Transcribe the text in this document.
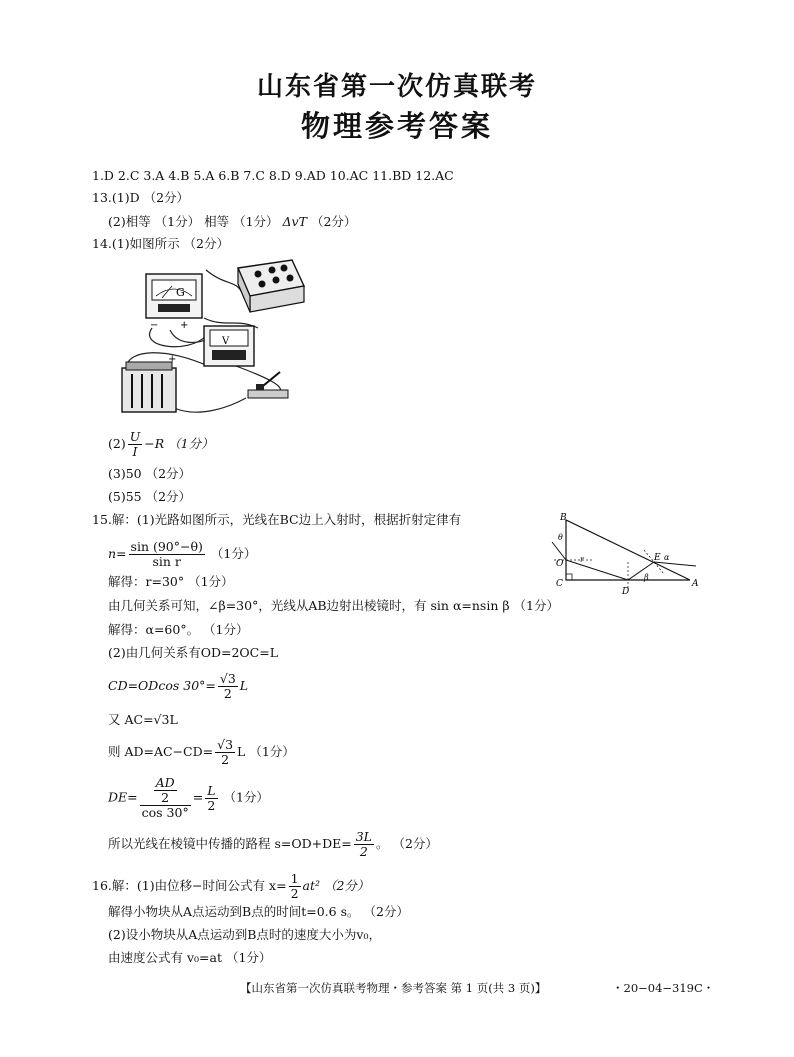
山东省第一次仿真联考
物理参考答案
1.D 2.C 3.A 4.B 5.A 6.B 7.C 8.D 9.AD 10.AC 11.BD 12.AC
13.(1)D （2分）
(2)相等 （1分） 相等 （1分） ΔvT （2分）
14.(1)如图所示 （2分）
G
− +
V
+
$(2) \frac{U}{I} -R$ （1分）
(3)50 （2分）
(5)55 （2分）
15.解：(1)光路如图所示，光线在BC边上入射时，根据折射定律有	B
C	A
O
D
E
θ
r	α
β
$n= \frac{\sin (90^\circ-\theta)}{\text{sin r}} (1$分）
解得：r=30° （1分）
由几何关系可知，∠β=30°，光线从AB边射出棱镜时，有 sin α=nsin β （1分）
解得：α=60°。 （1分）
(2)由几何关系有OD=2OC=L
CD=ODcos $30^\circ= \frac{√3}{2}$ L
又 AC=√3L
则 $AD=AC-CD= \frac{√3}{2}$ L （1分）
$DE= \frac{\frac{AD}{2}}{\cos 30^\circ} = \frac{L}{2} (1$分）
所以光线在棱镜中传播的路程 $s=OD+DE= \frac{3L}{2}$ 。 （2分）
16.解：(1)由位移−时间公式有 $x= \frac{1}{2} at^2$ （2分）
解得小物块从A点运动到B点的时间t=0.6 s。 （2分）
(2)设小物块从A点运动到B点时的速度大小为v₀，
由速度公式有 v₀=at （1分）
【山东省第一次仿真联考物理・参考答案 第 1 页(共 3 页)】	・20−04−319C・
